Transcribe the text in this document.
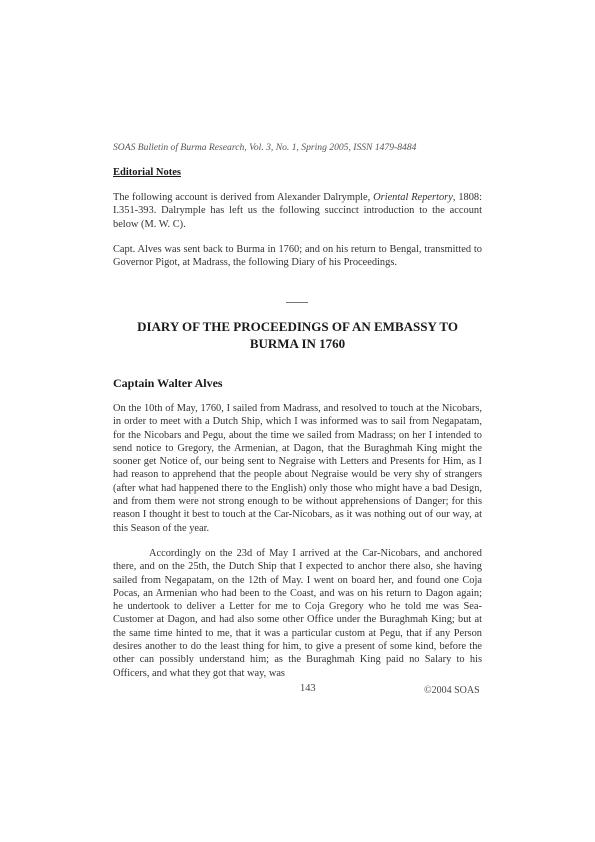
SOAS Bulletin of Burma Research, Vol. 3, No. 1, Spring 2005, ISSN 1479-8484
Editorial Notes

The following account is derived from Alexander Dalrymple, Oriental Repertory, 1808: I.351-393. Dalrymple has left us the following succinct introduction to the account below (M. W. C).

Capt. Alves was sent back to Burma in 1760; and on his return to Bengal, transmitted to Governor Pigot, at Madrass, the following Diary of his Proceedings.

DIARY OF THE PROCEEDINGS OF AN EMBASSY TO BURMA IN 1760
Captain Walter Alves

On the 10th of May, 1760, I sailed from Madrass, and resolved to touch at the Nicobars, in order to meet with a Dutch Ship, which I was informed was to sail from Negapatam, for the Nicobars and Pegu, about the time we sailed from Madrass; on her I intended to send notice to Gregory, the Armenian, at Dagon, that the Buraghmah King might the sooner get Notice of, our being sent to Negraise with Letters and Presents for Him, as I had reason to apprehend that the people about Negraise would be very shy of strangers (after what had happened there to the English) only those who might have a bad Design, and from them were not strong enough to be without apprehensions of Danger; for this reason I thought it best to touch at the Car-Nicobars, as it was nothing out of our way, at this Season of the year.

Accordingly on the 23d of May I arrived at the Car-Nicobars, and anchored there, and on the 25th, the Dutch Ship that I expected to anchor there also, she having sailed from Negapatam, on the 12th of May. I went on board her, and found one Coja Pocas, an Armenian who had been to the Coast, and was on his return to Dagon again; he undertook to deliver a Letter for me to Coja Gregory who he told me was Sea-Customer at Dagon, and had also some other Office under the Buraghmah King; but at the same time hinted to me, that it was a particular custom at Pegu, that if any Person desires another to do the least thing for him, to give a present of some kind, before the other can possibly understand him; as the Buraghmah King paid no Salary to his Officers, and what they got that way, was

143	©2004 SOAS
